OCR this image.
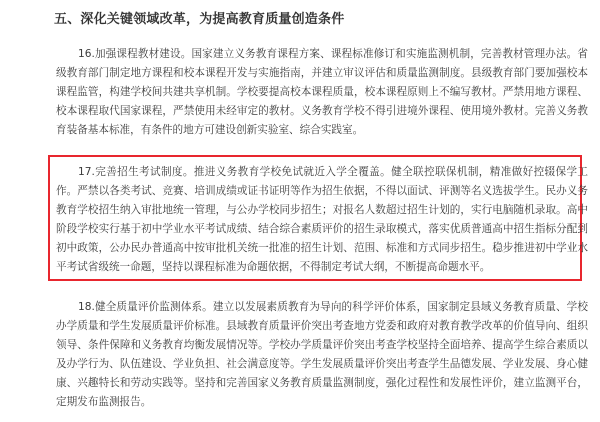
五、深化关键领域改革，为提高教育质量创造条件

16.加强课程教材建设。国家建立义务教育课程方案、课程标准修订和实施监测机制，完善教材管理办法。省级教育部门制定地方课程和校本课程开发与实施指南，并建立审议评估和质量监测制度。县级教育部门要加强校本课程监管，构建学校间共建共享机制。学校要提高校本课程质量，校本课程原则上不编写教材。严禁用地方课程、校本课程取代国家课程，严禁使用未经审定的教材。义务教育学校不得引进境外课程、使用境外教材。完善义务教育装备基本标准，有条件的地方可建设创新实验室、综合实践室。

17.完善招生考试制度。推进义务教育学校免试就近入学全覆盖。健全联控联保机制，精准做好控辍保学工作。严禁以各类考试、竞赛、培训成绩或证书证明等作为招生依据，不得以面试、评测等名义选拔学生。民办义务教育学校招生纳入审批地统一管理，与公办学校同步招生；对报名人数超过招生计划的，实行电脑随机录取。高中阶段学校实行基于初中学业水平考试成绩、结合综合素质评价的招生录取模式，落实优质普通高中招生指标分配到初中政策，公办民办普通高中按审批机关统一批准的招生计划、范围、标准和方式同步招生。稳步推进初中学业水平考试省级统一命题，坚持以课程标准为命题依据，不得制定考试大纲，不断提高命题水平。

18.健全质量评价监测体系。建立以发展素质教育为导向的科学评价体系，国家制定县域义务教育质量、学校办学质量和学生发展质量评价标准。县域教育质量评价突出考查地方党委和政府对教育教学改革的价值导向、组织领导、条件保障和义务教育均衡发展情况等。学校办学质量评价突出考查学校坚持全面培养、提高学生综合素质以及办学行为、队伍建设、学业负担、社会满意度等。学生发展质量评价突出考查学生品德发展、学业发展、身心健康、兴趣特长和劳动实践等。坚持和完善国家义务教育质量监测制度，强化过程性和发展性评价，建立监测平台，定期发布监测报告。
